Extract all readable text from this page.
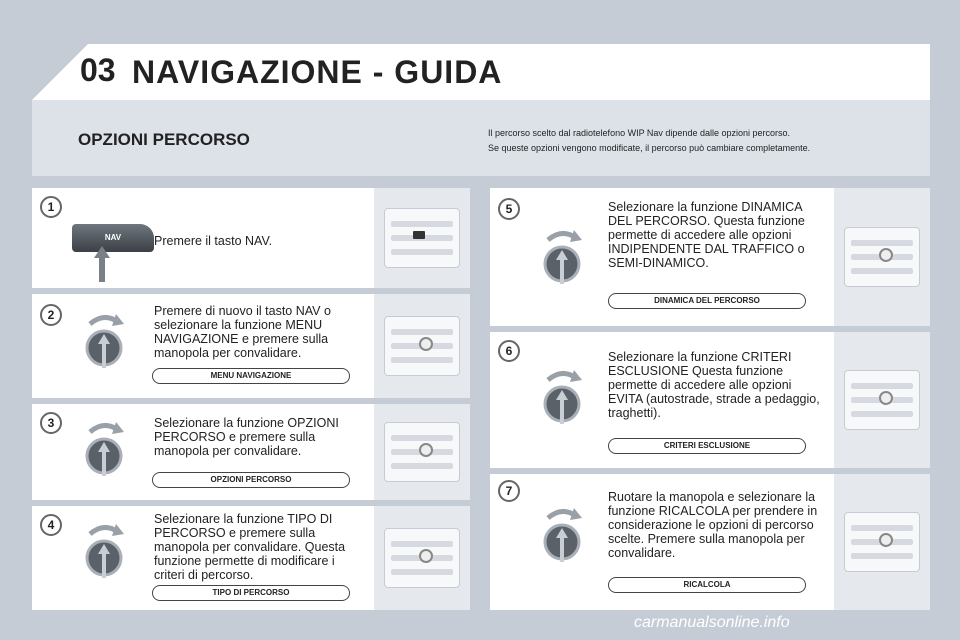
03 NAVIGAZIONE - GUIDA
OPZIONI PERCORSO	Il percorso scelto dal radiotelefono WIP Nav dipende dalle opzioni percorso.
Se queste opzioni vengono modificate, il percorso può cambiare completamente.
1
2
3
4
5
6
7
NAV	Premere il tasto NAV.
Premere di nuovo il tasto NAV o selezionare la funzione MENU NAVIGAZIONE e premere sulla manopola per convalidare.
Selezionare la funzione OPZIONI PERCORSO e premere sulla manopola per convalidare.
Selezionare la funzione TIPO DI PERCORSO e premere sulla manopola per convalidare. Questa funzione permette di modificare i criteri di percorso.
Selezionare la funzione DINAMICA DEL PERCORSO. Questa funzione permette di accedere alle opzioni INDIPENDENTE DAL TRAFFICO o SEMI-DINAMICO.
Selezionare la funzione CRITERI ESCLUSIONE Questa funzione permette di accedere alle opzioni EVITA (autostrade, strade a pedaggio, traghetti).
Ruotare la manopola e selezionare la funzione RICALCOLA per prendere in considerazione le opzioni di percorso scelte. Premere sulla manopola per convalidare.
MENU NAVIGAZIONE
OPZIONI PERCORSO
TIPO DI PERCORSO
DINAMICA DEL PERCORSO
CRITERI ESCLUSIONE
RICALCOLA
carmanualsonline.info
